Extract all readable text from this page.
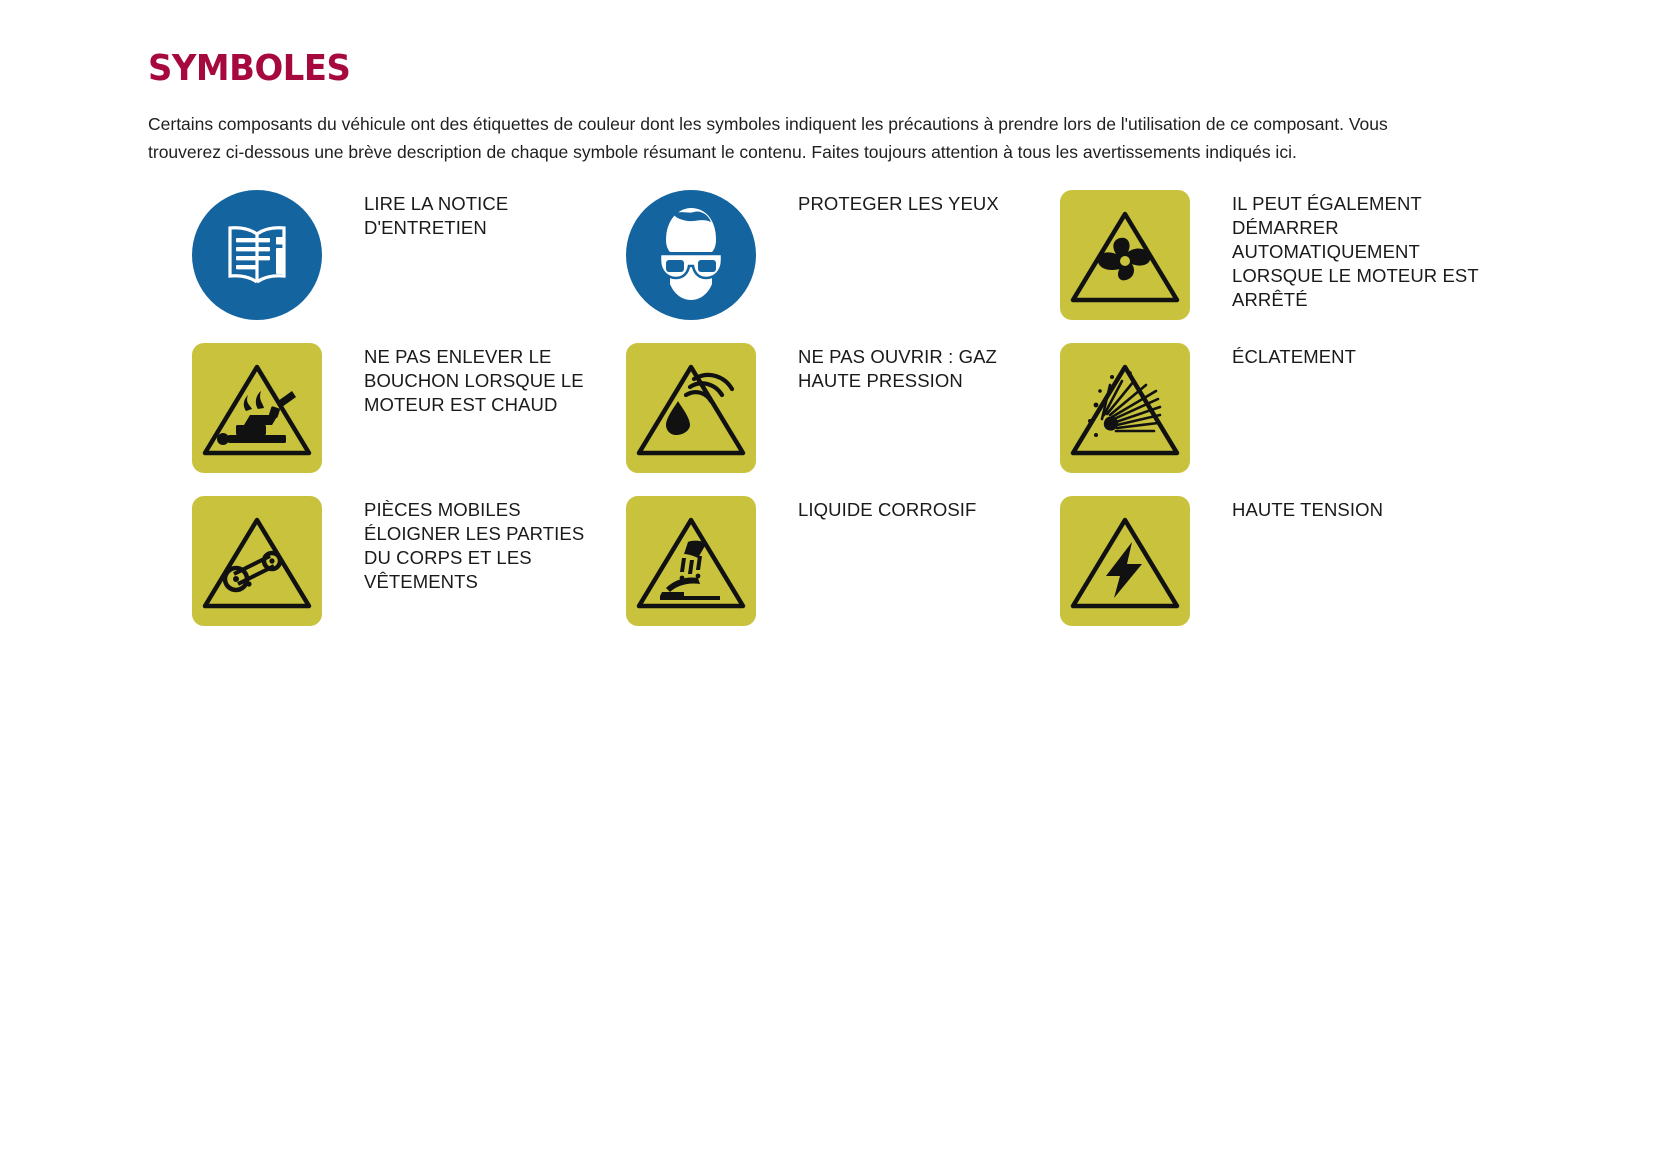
SYMBOLES
Certains composants du véhicule ont des étiquettes de couleur dont les symboles indiquent les précautions à prendre lors de l'utilisation de ce composant. Vous trouverez ci-dessous une brève description de chaque symbole résumant le contenu. Faites toujours attention à tous les avertissements indiqués ici.
LIRE LA NOTICE D'ENTRETIEN
NE PAS ENLEVER LE BOUCHON LORSQUE LE MOTEUR EST CHAUD
PIÈCES MOBILES ÉLOIGNER LES PARTIES DU CORPS ET LES VÊTEMENTS
PROTEGER LES YEUX
NE PAS OUVRIR : GAZ HAUTE PRESSION
LIQUIDE CORROSIF
IL PEUT ÉGALEMENT DÉMARRER AUTOMATIQUEMENT LORSQUE LE MOTEUR EST ARRÊTÉ
ÉCLATEMENT
HAUTE TENSION
